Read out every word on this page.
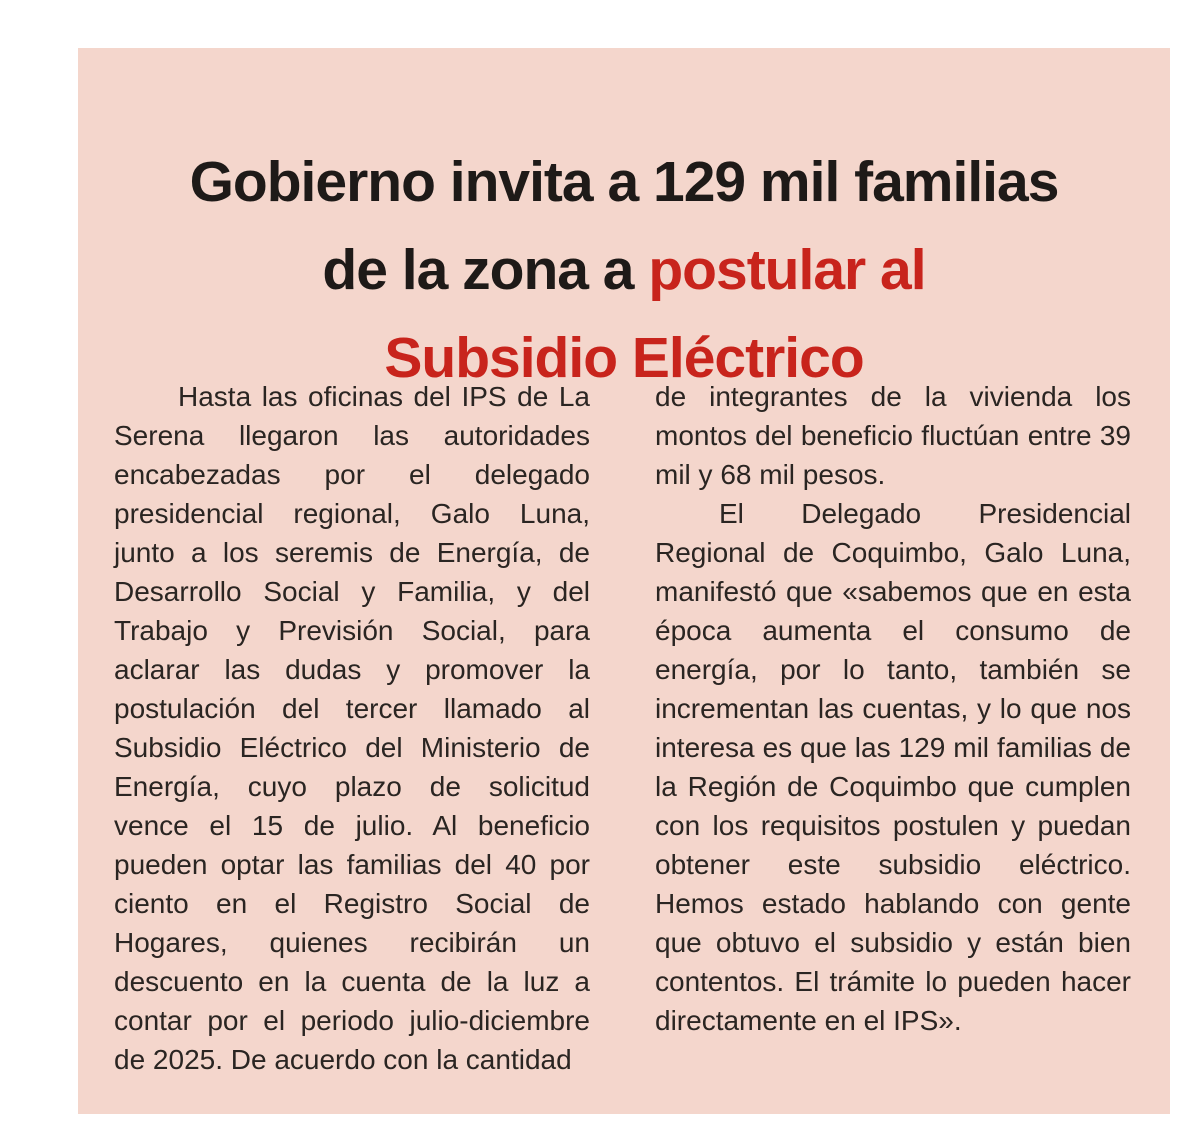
Gobierno invita a 129 mil familias
de la zona a postular al
Subsidio Eléctrico

Hasta las oficinas del IPS de La Serena llegaron las autoridades encabezadas por el delegado presidencial regional, Galo Luna, junto a los seremis de Energía, de Desarrollo Social y Familia, y del Trabajo y Previsión Social, para aclarar las dudas y promover la postulación del tercer llamado al Subsidio Eléctrico del Ministerio de Energía, cuyo plazo de solicitud vence el 15 de julio. Al beneficio pueden optar las familias del 40 por ciento en el Registro Social de Hogares, quienes recibirán un descuento en la cuenta de la luz a contar por el periodo julio-diciembre de 2025. De acuerdo con la cantidad

de integrantes de la vivienda los montos del beneficio fluctúan entre 39 mil y 68 mil pesos.

El Delegado Presidencial Regional de Coquimbo, Galo Luna, manifestó que «sabemos que en esta época aumenta el consumo de energía, por lo tanto, también se incrementan las cuentas, y lo que nos interesa es que las 129 mil familias de la Región de Coquimbo que cumplen con los requisitos postulen y puedan obtener este subsidio eléctrico. Hemos estado hablando con gente que obtuvo el subsidio y están bien contentos. El trámite lo pueden hacer directamente en el IPS».
